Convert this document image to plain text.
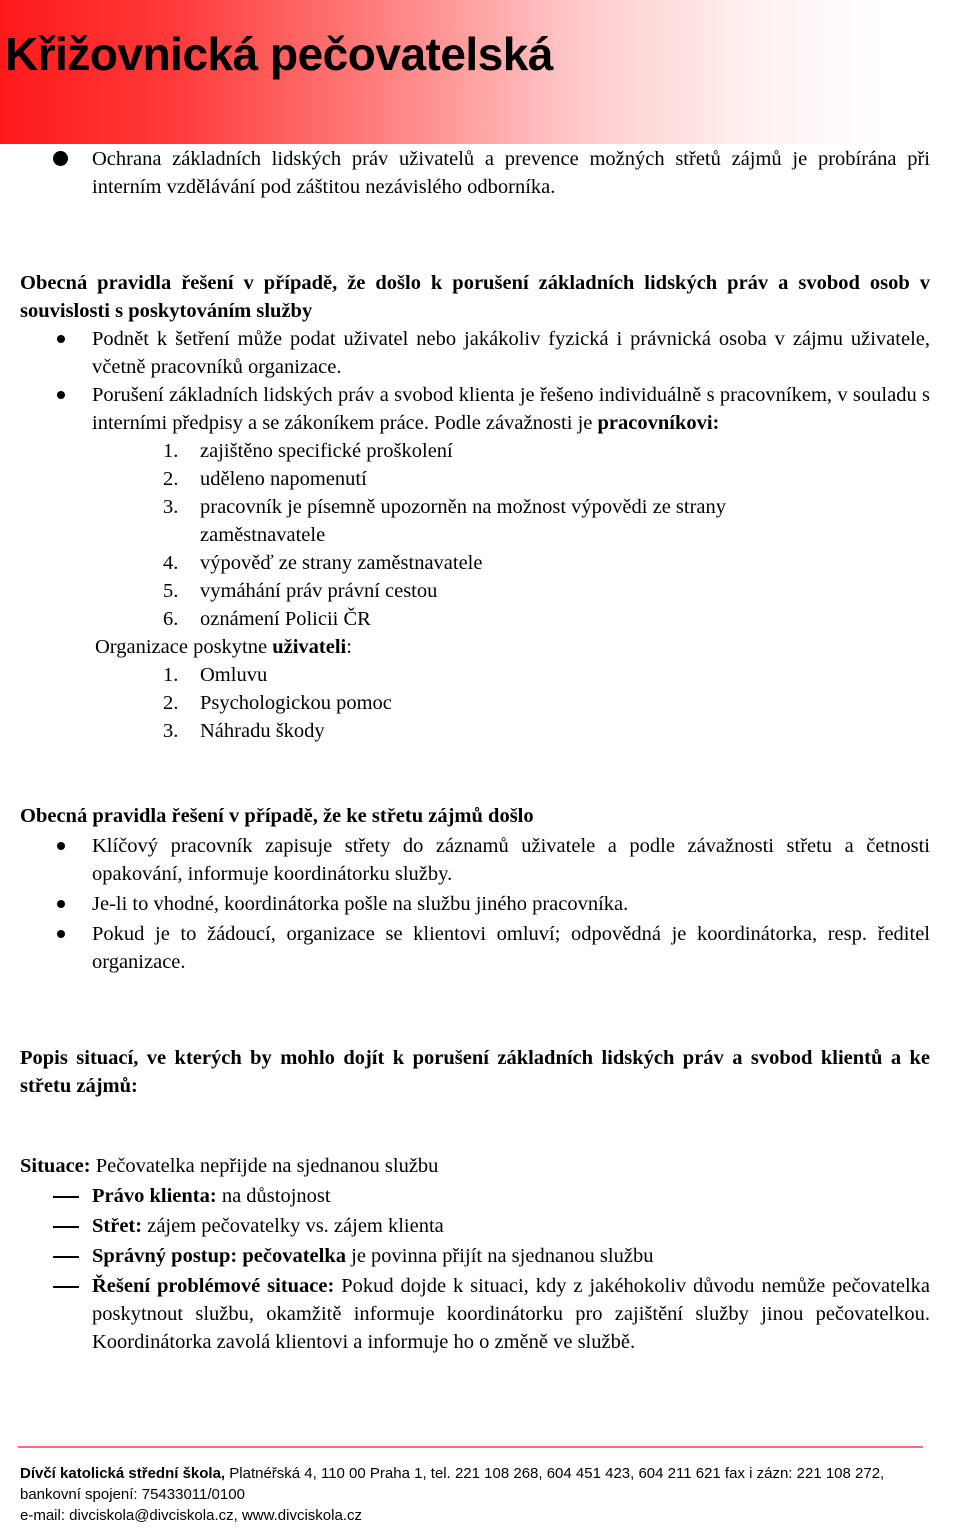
Křižovnická pečovatelská
Ochrana základních lidských práv uživatelů a prevence možných střetů zájmů je probírána při interním vzdělávání pod záštitou nezávislého odborníka.
Obecná pravidla řešení v případě, že došlo k porušení základních lidských práv a svobod osob v souvislosti s poskytováním služby
Podnět k šetření může podat uživatel nebo jakákoliv fyzická i právnická osoba v zájmu uživatele, včetně pracovníků organizace.
Porušení základních lidských práv a svobod klienta je řešeno individuálně s pracovníkem, v souladu s interními předpisy a se zákoníkem práce. Podle závažnosti je pracovníkovi:
1. zajištěno specifické proškolení
2. uděleno napomenutí
3. pracovník je písemně upozorněn na možnost výpovědi ze strany zaměstnavatele
4. výpověď ze strany zaměstnavatele
5. vymáhání práv právní cestou
6. oznámení Policii ČR
Organizace poskytne uživateli:
1. Omluvu
2. Psychologickou pomoc
3. Náhradu škody
Obecná pravidla řešení v případě, že ke střetu zájmů došlo
Klíčový pracovník zapisuje střety do záznamů uživatele a podle závažnosti střetu a četnosti opakování, informuje koordinátorku služby.
Je-li to vhodné, koordinátorka pošle na službu jiného pracovníka.
Pokud je to žádoucí, organizace se klientovi omluví; odpovědná je koordinátorka, resp. ředitel organizace.
Popis situací, ve kterých by mohlo dojít k porušení základních lidských práv a svobod klientů a ke střetu zájmů:
Situace: Pečovatelka nepřijde na sjednanou službu
Právo klienta: na důstojnost
Střet: zájem pečovatelky vs. zájem klienta
Správný postup: pečovatelka je povinna přijít na sjednanou službu
Řešení problémové situace: Pokud dojde k situaci, kdy z jakéhokoliv důvodu nemůže pečovatelka poskytnout službu, okamžitě informuje koordinátorku pro zajištění služby jinou pečovatelkou. Koordinátorka zavolá klientovi a informuje ho o změně ve službě.
Dívčí katolická střední škola, Platnéřská 4, 110 00 Praha 1, tel. 221 108 268, 604 451 423, 604 211 621 fax i zázn: 221 108 272,
bankovní spojení: 75433011/0100
e-mail: divciskola@divciskola.cz, www.divciskola.cz
